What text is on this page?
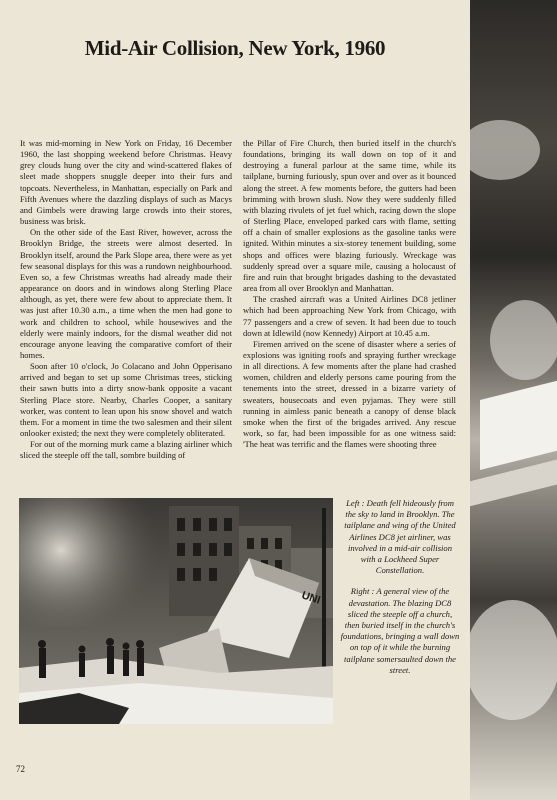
Mid-Air Collision, New York, 1960

It was mid-morning in New York on Friday, 16 December 1960, the last shopping weekend before Christmas. Heavy grey clouds hung over the city and wind-scattered flakes of sleet made shoppers snuggle deeper into their furs and topcoats. Nevertheless, in Manhattan, especially on Park and Fifth Avenues where the dazzling displays of such as Macys and Gimbels were drawing large crowds into their stores, business was brisk.

On the other side of the East River, however, across the Brooklyn Bridge, the streets were almost deserted. In Brooklyn itself, around the Park Slope area, there were as yet few seasonal displays for this was a rundown neighbourhood. Even so, a few Christmas wreaths had already made their appearance on doors and in windows along Sterling Place although, as yet, there were few about to appreciate them. It was just after 10.30 a.m., a time when the men had gone to work and children to school, while housewives and the elderly were mainly indoors, for the dismal weather did not encourage anyone leaving the comparative comfort of their homes.

Soon after 10 o'clock, Jo Colacano and John Opperisano arrived and began to set up some Christmas trees, sticking their sawn butts into a dirty snow-bank opposite a vacant Sterling Place store. Nearby, Charles Cooper, a sanitary worker, was content to lean upon his snow shovel and watch them. For a moment in time the two salesmen and their silent onlooker existed; the next they were completely obliterated.

For out of the morning murk came a blazing airliner which sliced the steeple off the tall, sombre building of

the Pillar of Fire Church, then buried itself in the church's foundations, bringing its wall down on top of it and destroying a funeral parlour at the same time, while its tailplane, burning furiously, spun over and over as it bounced along the street. A few moments before, the gutters had been brimming with brown slush. Now they were suddenly filled with blazing rivulets of jet fuel which, racing down the slope of Sterling Place, enveloped parked cars with flame, setting off a chain of smaller explosions as the gasoline tanks were ignited. Within minutes a six-storey tenement building, some shops and offices were blazing furiously. Wreckage was suddenly spread over a square mile, causing a holocaust of fire and ruin that brought brigades dashing to the devastated area from all over Brooklyn and Manhattan.

The crashed aircraft was a United Airlines DC8 jetliner which had been approaching New York from Chicago, with 77 passengers and a crew of seven. It had been due to touch down at Idlewild (now Kennedy) Airport at 10.45 a.m.

Firemen arrived on the scene of disaster where a series of explosions was igniting roofs and spraying further wreckage in all directions. A few moments after the plane had crashed women, children and elderly persons came pouring from the tenements into the street, dressed in a bizarre variety of sweaters, housecoats and even pyjamas. They were still running in aimless panic beneath a canopy of dense black smoke when the first of the brigades arrived. Any rescue work, so far, had been impossible for as one witness said: 'The heat was terrific and the flames were shooting three

UNI

Left : Death fell hideously from the sky to land in Brooklyn. The tailplane and wing of the United Airlines DC8 jet airliner, was involved in a mid-air collision with a Lockheed Super Constellation.

Right : A general view of the devastation. The blazing DC8 sliced the steeple off a church, then buried itself in the church's foundations, bringing a wall down on top of it while the burning tailplane somersaulted down the street.

72
